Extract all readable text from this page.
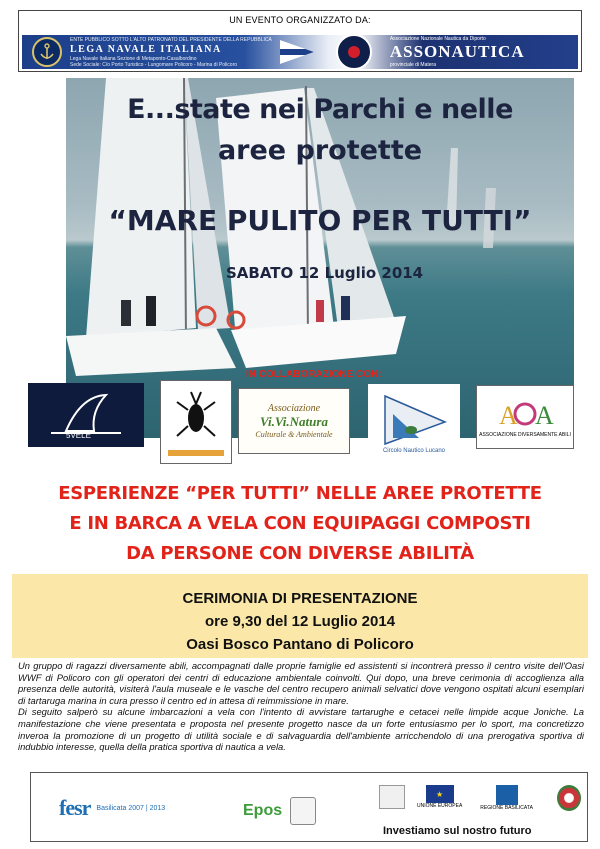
UN EVENTO ORGANIZZATO DA:
ENTE PUBBLICO SOTTO L'ALTO PATRONATO DEL PRESIDENTE DELLA REPUBBLICA
LEGA NAVALE ITALIANA
Lega Navale Italiana Sezione di Metaponto-Casalbordino
Sede Sociale: C/o Porto Turistico - Lungomare Policoro - Marina di Policoro
Associazione Nazionale Nautica da Diporto
ASSONAUTICA
provinciale di Matera
E...state nei Parchi e nelle
aree protette
“MARE PULITO PER TUTTI”
SABATO 12 Luglio 2014
IN COLLABORAZIONE CON:
5VELE
Associazione
Vi.Vi.Natura
Culturale & Ambientale
Circolo Nautico Lucano
A A
ASSOCIAZIONE DIVERSAMENTE ABILI
ESPERIENZE “PER TUTTI” NELLE AREE PROTETTE
E IN BARCA A VELA CON EQUIPAGGI COMPOSTI
DA PERSONE CON DIVERSE ABILITÀ
CERIMONIA DI PRESENTAZIONE
ore 9,30 del 12 Luglio 2014
Oasi Bosco Pantano di Policoro

Un gruppo di ragazzi diversamente abili, accompagnati dalle proprie famiglie ed assistenti si incontrerà presso il centro visite dell'Oasi WWF di Policoro con gli operatori dei centri di educazione ambientale coinvolti. Qui dopo, una breve cerimonia di accoglienza alla presenza delle autorità, visiterà l'aula museale e le vasche del centro recupero animali selvatici dove vengono ospitati alcuni esemplari di tartaruga marina in cura presso il centro ed in attesa di reimmissione in mare.

Di seguito salperò su alcune imbarcazioni a vela con l'intento di avvistare tartarughe e cetacei nelle limpide acque Joniche. La manifestazione che viene presentata e proposta nel presente progetto nasce da un forte entusiasmo per lo sport, ma concretizzo inveroa la promozione di un progetto di utilità sociale e di salvaguardia dell'ambiente arricchendolo di una prerogativa sportiva di indubbio interesse, quella della pratica sportiva di nautica a vela.

fesr Basilicata 2007 | 2013	Epos
★
UNIONE EUROPEA	REGIONE BASILICATA
Investiamo sul nostro futuro
